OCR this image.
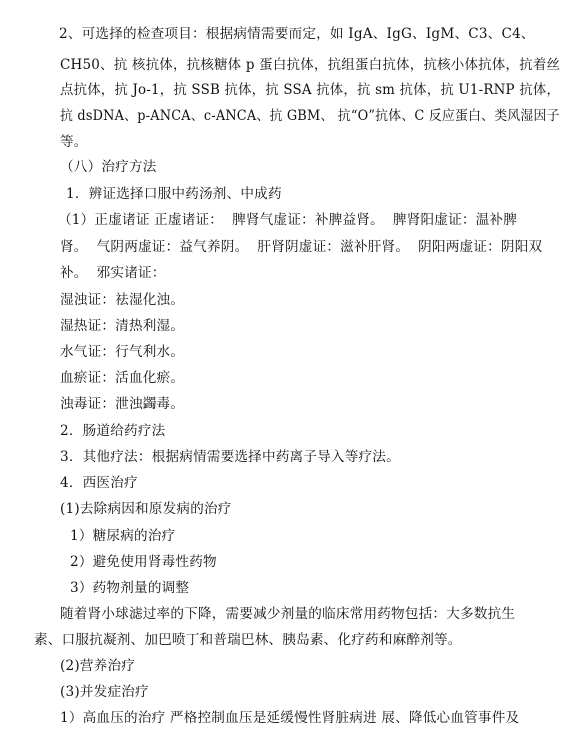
2、可选择的检查项目：根据病情需要而定，如 IgA、IgG、IgM、C3、C4、
CH50、抗 核抗体，抗核糖体 p 蛋白抗体，抗组蛋白抗体，抗核小体抗体，抗着丝
点抗体，抗 Jo-1，抗 SSB 抗体，抗 SSA 抗体，抗 sm 抗体，抗 U1-RNP 抗体，
抗 dsDNA、p-ANCA、c-ANCA、抗 GBM、 抗“O”抗体、C 反应蛋白、类风湿因子
等。
（八）治疗方法
1．辨证选择口服中药汤剂、中成药
（1）正虚诸证 正虚诸证：  脾肾气虚证：补脾益肾。  脾肾阳虚证：温补脾
肾。  气阴两虚证：益气养阴。  肝肾阴虚证：滋补肝肾。  阴阳两虚证：阴阳双
补。  邪实诸证：
湿浊证：祛湿化浊。
湿热证：清热利湿。
水气证：行气利水。
血瘀证：活血化瘀。
浊毒证：泄浊蠲毒。
2．肠道给药疗法
3．其他疗法：根据病情需要选择中药离子导入等疗法。
4．西医治疗
(1)去除病因和原发病的治疗
1）糖尿病的治疗
2）避免使用肾毒性药物
3）药物剂量的调整
随着肾小球滤过率的下降，需要减少剂量的临床常用药物包括：大多数抗生
素、口服抗凝剂、加巴喷丁和普瑞巴林、胰岛素、化疗药和麻醉剂等。
(2)营养治疗
(3)并发症治疗
1）高血压的治疗 严格控制血压是延缓慢性肾脏病进 展、降低心血管事件及
